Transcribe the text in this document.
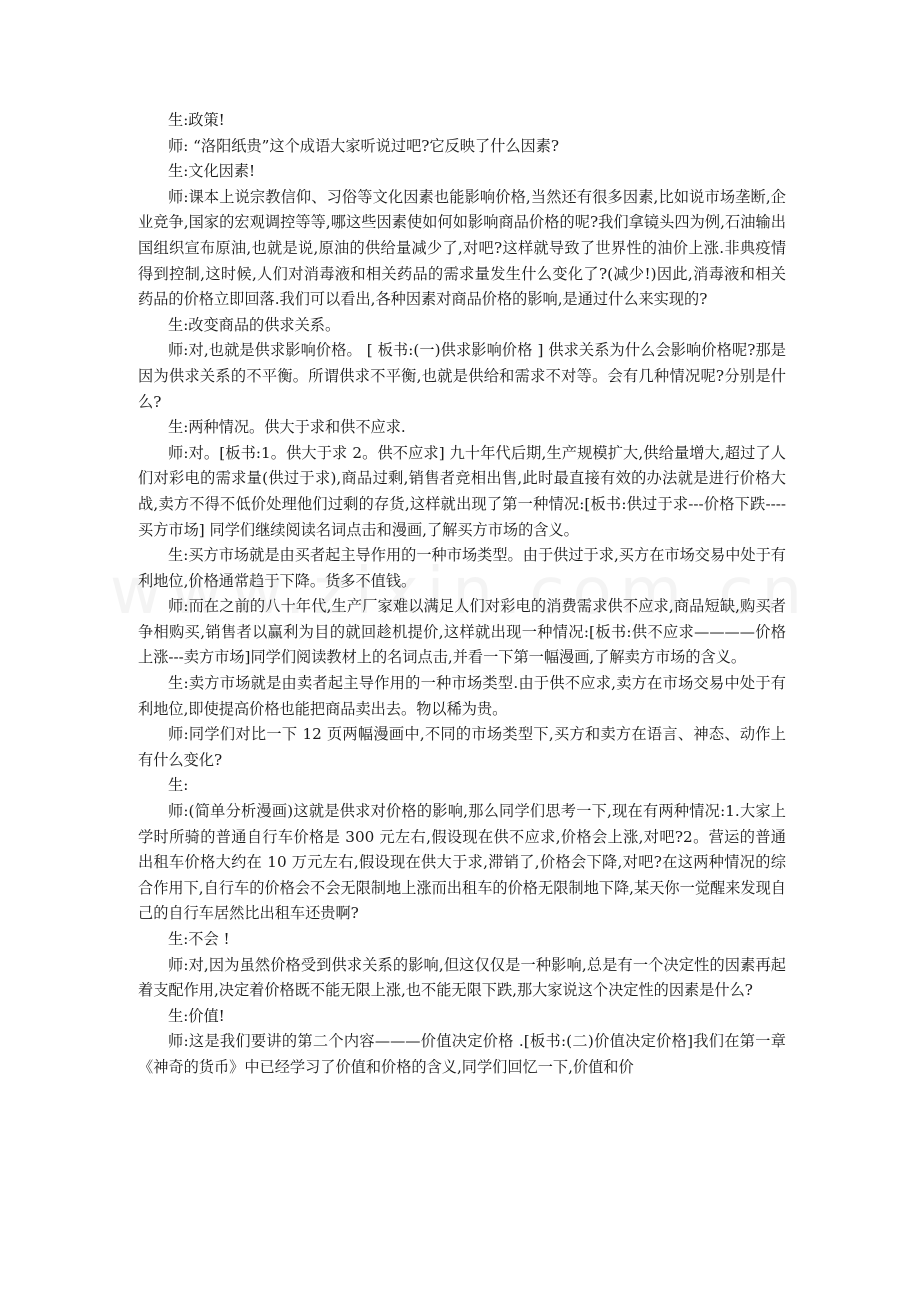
生:政策!

师: “洛阳纸贵”这个成语大家听说过吧?它反映了什么因素?

生:文化因素!

师:课本上说宗教信仰、习俗等文化因素也能影响价格,当然还有很多因素,比如说市场垄断,企业竞争,国家的宏观调控等等,哪这些因素使如何如影响商品价格的呢?我们拿镜头四为例,石油输出国组织宣布原油,也就是说,原油的供给量减少了,对吧?这样就导致了世界性的油价上涨.非典疫情得到控制,这时候,人们对消毒液和相关药品的需求量发生什么变化了?(减少!)因此,消毒液和相关药品的价格立即回落.我们可以看出,各种因素对商品价格的影响,是通过什么来实现的?

生:改变商品的供求关系。

师:对,也就是供求影响价格。 [ 板书:(一)供求影响价格 ] 供求关系为什么会影响价格呢?那是因为供求关系的不平衡。所谓供求不平衡,也就是供给和需求不对等。会有几种情况呢?分别是什么?

生:两种情况。供大于求和供不应求.

师:对。[板书:1。供大于求 2。供不应求] 九十年代后期,生产规模扩大,供给量增大,超过了人们对彩电的需求量(供过于求),商品过剩,销售者竞相出售,此时最直接有效的办法就是进行价格大战,卖方不得不低价处理他们过剩的存货,这样就出现了第一种情况:[板书:供过于求---价格下跌----买方市场] 同学们继续阅读名词点击和漫画,了解买方市场的含义。

生:买方市场就是由买者起主导作用的一种市场类型。由于供过于求,买方在市场交易中处于有利地位,价格通常趋于下降。货多不值钱。

师:而在之前的八十年代,生产厂家难以满足人们对彩电的消费需求供不应求,商品短缺,购买者争相购买,销售者以赢利为目的就回趁机提价,这样就出现一种情况:[板书:供不应求————价格上涨---卖方市场]同学们阅读教材上的名词点击,并看一下第一幅漫画,了解卖方市场的含义。

生:卖方市场就是由卖者起主导作用的一种市场类型.由于供不应求,卖方在市场交易中处于有利地位,即使提高价格也能把商品卖出去。物以稀为贵。

师:同学们对比一下 12 页两幅漫画中,不同的市场类型下,买方和卖方在语言、神态、动作上有什么变化?

生:

师:(简单分析漫画)这就是供求对价格的影响,那么同学们思考一下,现在有两种情况:1.大家上学时所骑的普通自行车价格是 300 元左右,假设现在供不应求,价格会上涨,对吧?2。营运的普通出租车价格大约在 10 万元左右,假设现在供大于求,滞销了,价格会下降,对吧?在这两种情况的综合作用下,自行车的价格会不会无限制地上涨而出租车的价格无限制地下降,某天你一觉醒来发现自己的自行车居然比出租车还贵啊?

生:不会 !

师:对,因为虽然价格受到供求关系的影响,但这仅仅是一种影响,总是有一个决定性的因素再起着支配作用,决定着价格既不能无限上涨,也不能无限下跌,那大家说这个决定性的因素是什么?

生:价值!

师:这是我们要讲的第二个内容———价值决定价格 .[板书:(二)价值决定价格]我们在第一章《神奇的货币》中已经学习了价值和价格的含义,同学们回忆一下,价值和价
